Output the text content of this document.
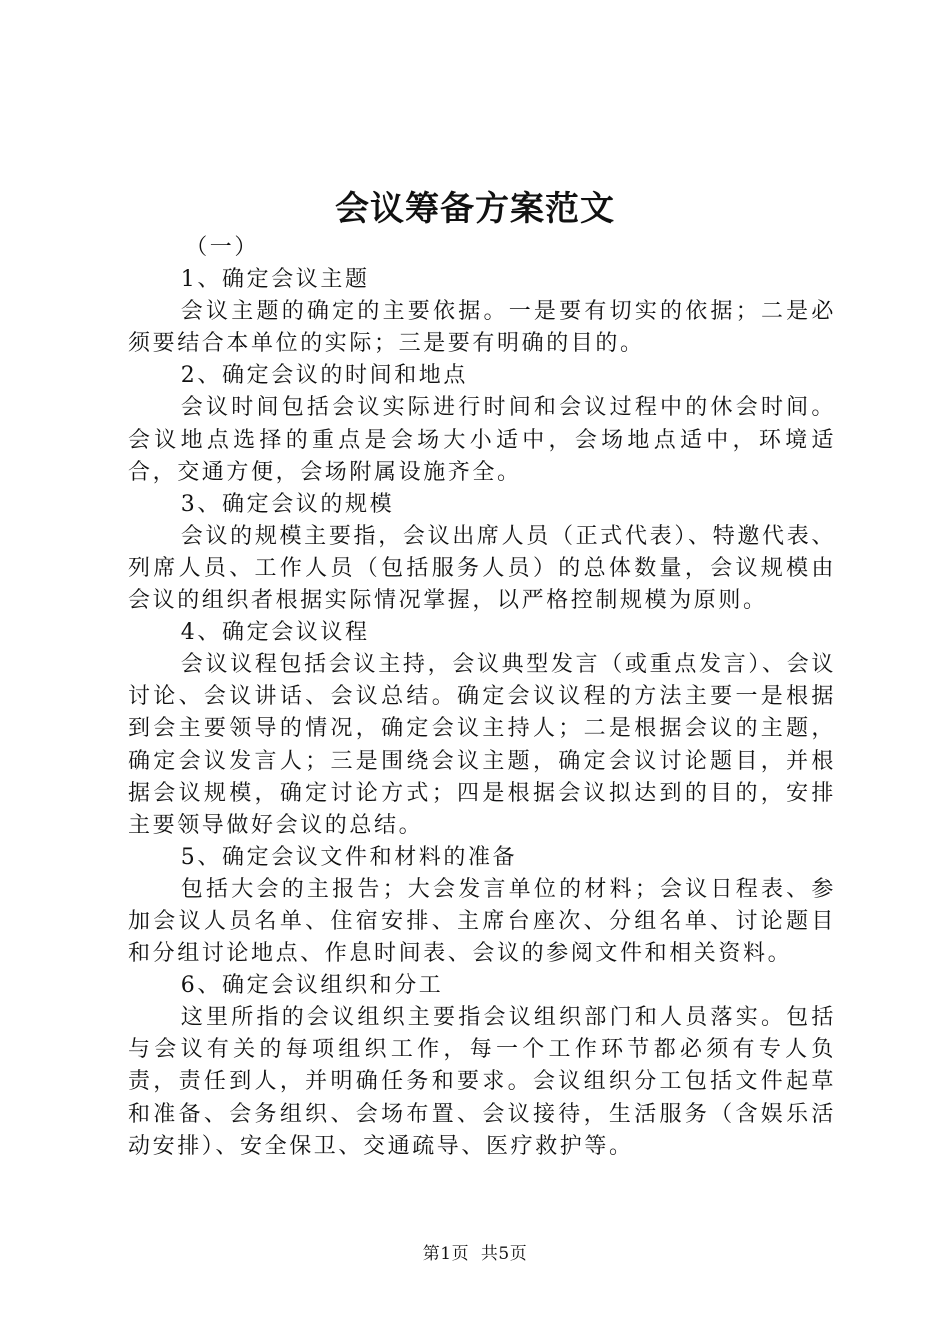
会议筹备方案范文

（一）

1、确定会议主题

会议主题的确定的主要依据。一是要有切实的依据；二是必须要结合本单位的实际；三是要有明确的目的。

2、确定会议的时间和地点

会议时间包括会议实际进行时间和会议过程中的休会时间。会议地点选择的重点是会场大小适中，会场地点适中，环境适合，交通方便，会场附属设施齐全。

3、确定会议的规模

会议的规模主要指，会议出席人员（正式代表）、特邀代表、列席人员、工作人员（包括服务人员）的总体数量，会议规模由会议的组织者根据实际情况掌握，以严格控制规模为原则。

4、确定会议议程

会议议程包括会议主持，会议典型发言（或重点发言）、会议讨论、会议讲话、会议总结。确定会议议程的方法主要一是根据到会主要领导的情况，确定会议主持人；二是根据会议的主题，确定会议发言人；三是围绕会议主题，确定会议讨论题目，并根据会议规模，确定讨论方式；四是根据会议拟达到的目的，安排主要领导做好会议的总结。

5、确定会议文件和材料的准备

包括大会的主报告；大会发言单位的材料；会议日程表、参加会议人员名单、住宿安排、主席台座次、分组名单、讨论题目和分组讨论地点、作息时间表、会议的参阅文件和相关资料。

6、确定会议组织和分工

这里所指的会议组织主要指会议组织部门和人员落实。包括与会议有关的每项组织工作，每一个工作环节都必须有专人负责，责任到人，并明确任务和要求。会议组织分工包括文件起草和准备、会务组织、会场布置、会议接待，生活服务（含娱乐活动安排）、安全保卫、交通疏导、医疗救护等。

第1页  共5页
